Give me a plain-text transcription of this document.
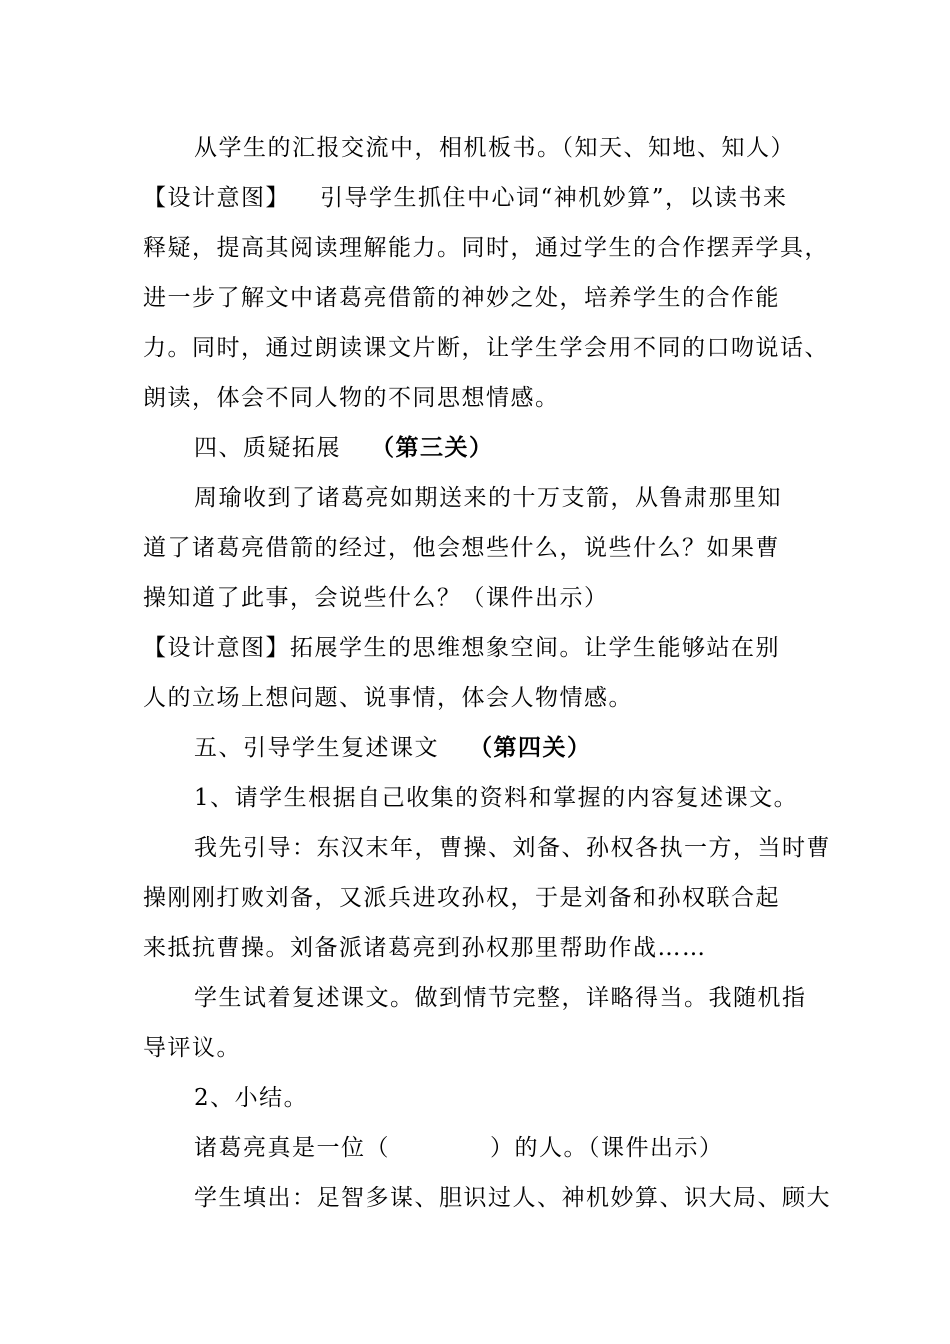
从学生的汇报交流中，相机板书。（知天、知地、知人）
【设计意图】 引导学生抓住中心词“神机妙算”，以读书来
释疑，提高其阅读理解能力。同时，通过学生的合作摆弄学具，
进一步了解文中诸葛亮借箭的神妙之处，培养学生的合作能
力。同时，通过朗读课文片断，让学生学会用不同的口吻说话、
朗读，体会不同人物的不同思想情感。
四、质疑拓展 （第三关）
周瑜收到了诸葛亮如期送来的十万支箭，从鲁肃那里知
道了诸葛亮借箭的经过，他会想些什么，说些什么？如果曹
操知道了此事，会说些什么？（课件出示）
【设计意图】拓展学生的思维想象空间。让学生能够站在别
人的立场上想问题、说事情，体会人物情感。
五、引导学生复述课文 （第四关）
1、请学生根据自己收集的资料和掌握的内容复述课文。
我先引导：东汉末年，曹操、刘备、孙权各执一方，当时曹
操刚刚打败刘备，又派兵进攻孙权，于是刘备和孙权联合起
来抵抗曹操。刘备派诸葛亮到孙权那里帮助作战……
学生试着复述课文。做到情节完整，详略得当。我随机指
导评议。
2、小结。
诸葛亮真是一位（	）的人。（课件出示）
学生填出：足智多谋、胆识过人、神机妙算、识大局、顾大
